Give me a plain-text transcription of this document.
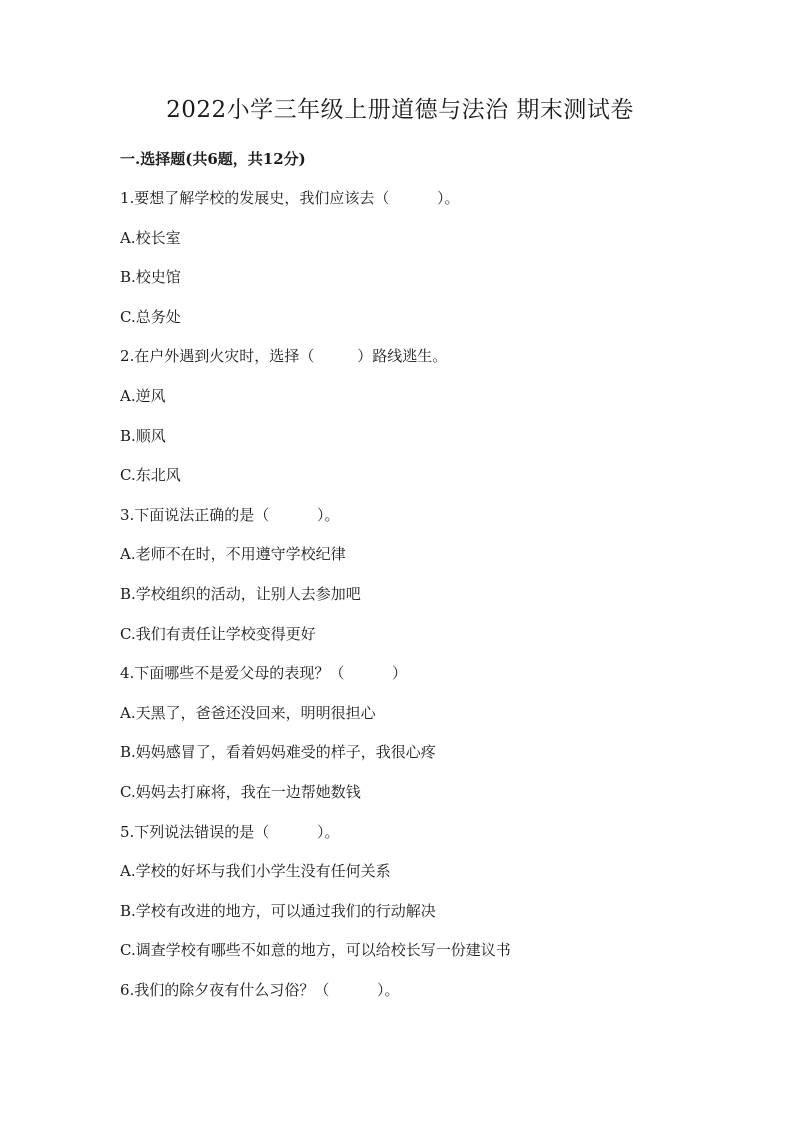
2022小学三年级上册道德与法治 期末测试卷
一.选择题(共6题，共12分)
1.要想了解学校的发展史，我们应该去（          ）。
A.校长室
B.校史馆
C.总务处
2.在户外遇到火灾时，选择（         ）路线逃生。
A.逆风
B.顺风
C.东北风
3.下面说法正确的是（          ）。
A.老师不在时，不用遵守学校纪律
B.学校组织的活动，让别人去参加吧
C.我们有责任让学校变得更好
4.下面哪些不是爱父母的表现？（          ）
A.天黑了，爸爸还没回来，明明很担心
B.妈妈感冒了，看着妈妈难受的样子，我很心疼
C.妈妈去打麻将，我在一边帮她数钱
5.下列说法错误的是（          ）。
A.学校的好坏与我们小学生没有任何关系
B.学校有改进的地方，可以通过我们的行动解决
C.调查学校有哪些不如意的地方，可以给校长写一份建议书
6.我们的除夕夜有什么习俗？（          ）。
